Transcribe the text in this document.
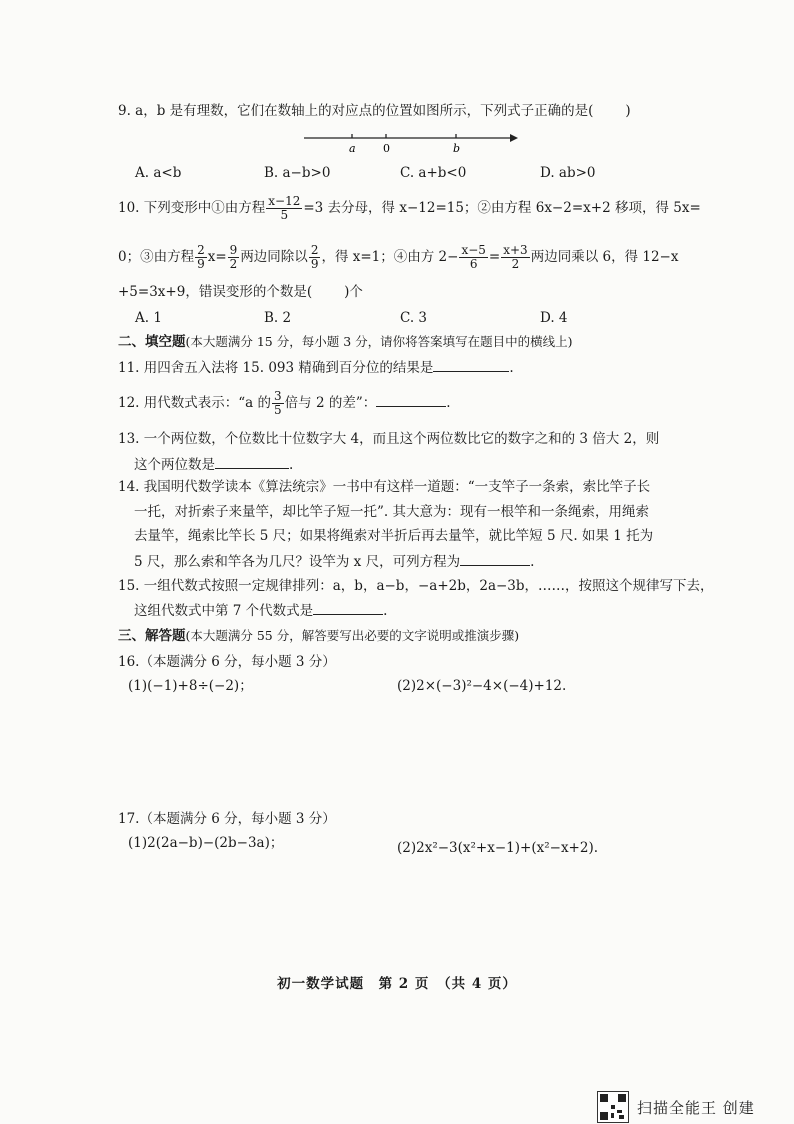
9. a，b 是有理数，它们在数轴上的对应点的位置如图所示，下列式子正确的是( )
a 0	b
A. a<b	B. a−b>0	C. a+b<0	D. ab>0
10. 下列变形中①由方程 $\frac{x-12}{5} =3$ 去分母，得 x−12=15；②由方程 6x−2=x+2 移项，得 5x=
0；③由方程 $\frac{2}{9} x= \frac{9}{2}$ 两边同除以 $\frac{2}{9}$ ，得 x=1；④由方 $2- \frac{x-5}{6} = \frac{x+3}{2}$ 两边同乘以 6，得 12−x
+5=3x+9，错误变形的个数是( )个
A. 1	B. 2	C. 3	D. 4
二、填空题(本大题满分 15 分，每小题 3 分，请你将答案填写在题目中的横线上)
11. 用四舍五入法将 15. 093 精确到百分位的结果是	.
12. 用代数式表示：“a 的 $\frac{3}{5}$ 倍与 2 的差”：	.
13. 一个两位数，个位数比十位数字大 4，而且这个两位数比它的数字之和的 3 倍大 2，则
这个两位数是	.
14. 我国明代数学读本《算法统宗》一书中有这样一道题：“一支竿子一条索，索比竿子长
一托，对折索子来量竿，却比竿子短一托”. 其大意为：现有一根竿和一条绳索，用绳索
去量竿，绳索比竿长 5 尺；如果将绳索对半折后再去量竿，就比竿短 5 尺. 如果 1 托为
5 尺，那么索和竿各为几尺？设竿为 x 尺，可列方程为	.
15. 一组代数式按照一定规律排列：a，b，a−b，−a+2b，2a−3b，……，按照这个规律写下去，
这组代数式中第 7 个代数式是	.
三、解答题(本大题满分 55 分，解答要写出必要的文字说明或推演步骤)
16.（本题满分 6 分，每小题 3 分）
(1)(−1)+8÷(−2)；	(2)2×(−3)²−4×(−4)+12.
17.（本题满分 6 分，每小题 3 分）
(1)2(2a−b)−(2b−3a)；	(2)2x²−3(x²+x−1)+(x²−x+2).
初一数学试题　第 2 页　（共 4 页）
扫描全能王 创建
